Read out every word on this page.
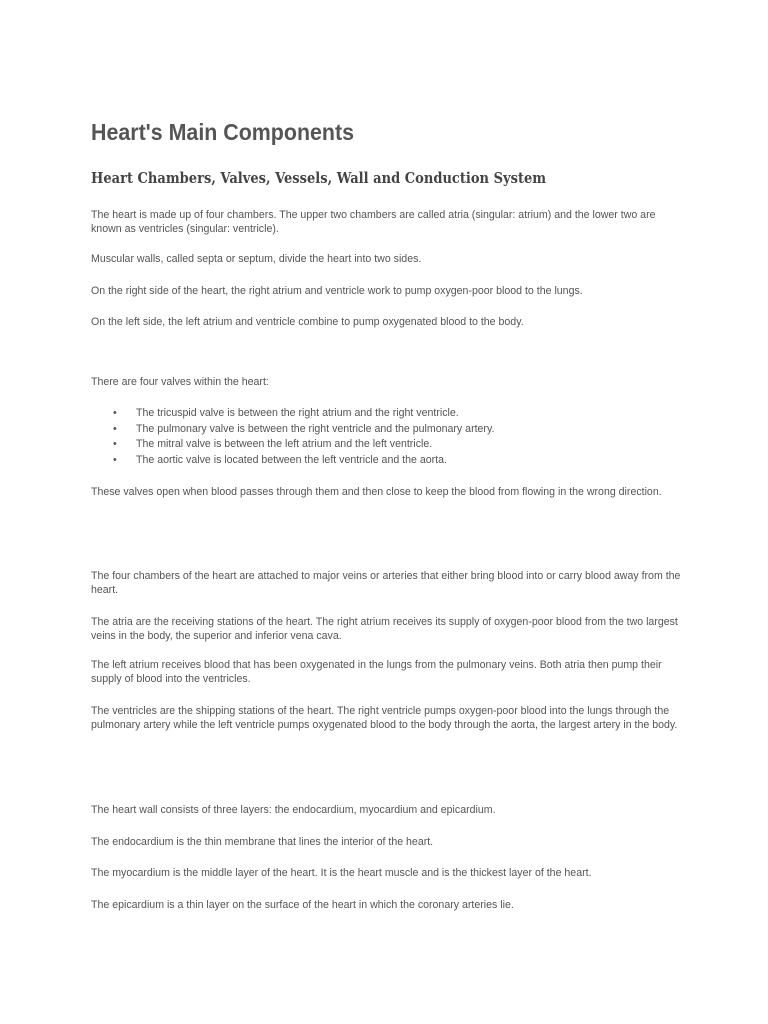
Heart's Main Components
Heart Chambers, Valves, Vessels, Wall and Conduction System

The heart is made up of four chambers. The upper two chambers are called atria (singular: atrium) and the lower two are known as ventricles (singular: ventricle).

Muscular walls, called septa or septum, divide the heart into two sides.

On the right side of the heart, the right atrium and ventricle work to pump oxygen-poor blood to the lungs.

On the left side, the left atrium and ventricle combine to pump oxygenated blood to the body.

There are four valves within the heart:

• The tricuspid valve is between the right atrium and the right ventricle.
• The pulmonary valve is between the right ventricle and the pulmonary artery.
• The mitral valve is between the left atrium and the left ventricle.
• The aortic valve is located between the left ventricle and the aorta.

These valves open when blood passes through them and then close to keep the blood from flowing in the wrong direction.

The four chambers of the heart are attached to major veins or arteries that either bring blood into or carry blood away from the heart.

The atria are the receiving stations of the heart. The right atrium receives its supply of oxygen-poor blood from the two largest veins in the body, the superior and inferior vena cava.

The left atrium receives blood that has been oxygenated in the lungs from the pulmonary veins. Both atria then pump their supply of blood into the ventricles.

The ventricles are the shipping stations of the heart. The right ventricle pumps oxygen-poor blood into the lungs through the pulmonary artery while the left ventricle pumps oxygenated blood to the body through the aorta, the largest artery in the body.

The heart wall consists of three layers: the endocardium, myocardium and epicardium.

The endocardium is the thin membrane that lines the interior of the heart.

The myocardium is the middle layer of the heart. It is the heart muscle and is the thickest layer of the heart.

The epicardium is a thin layer on the surface of the heart in which the coronary arteries lie.
